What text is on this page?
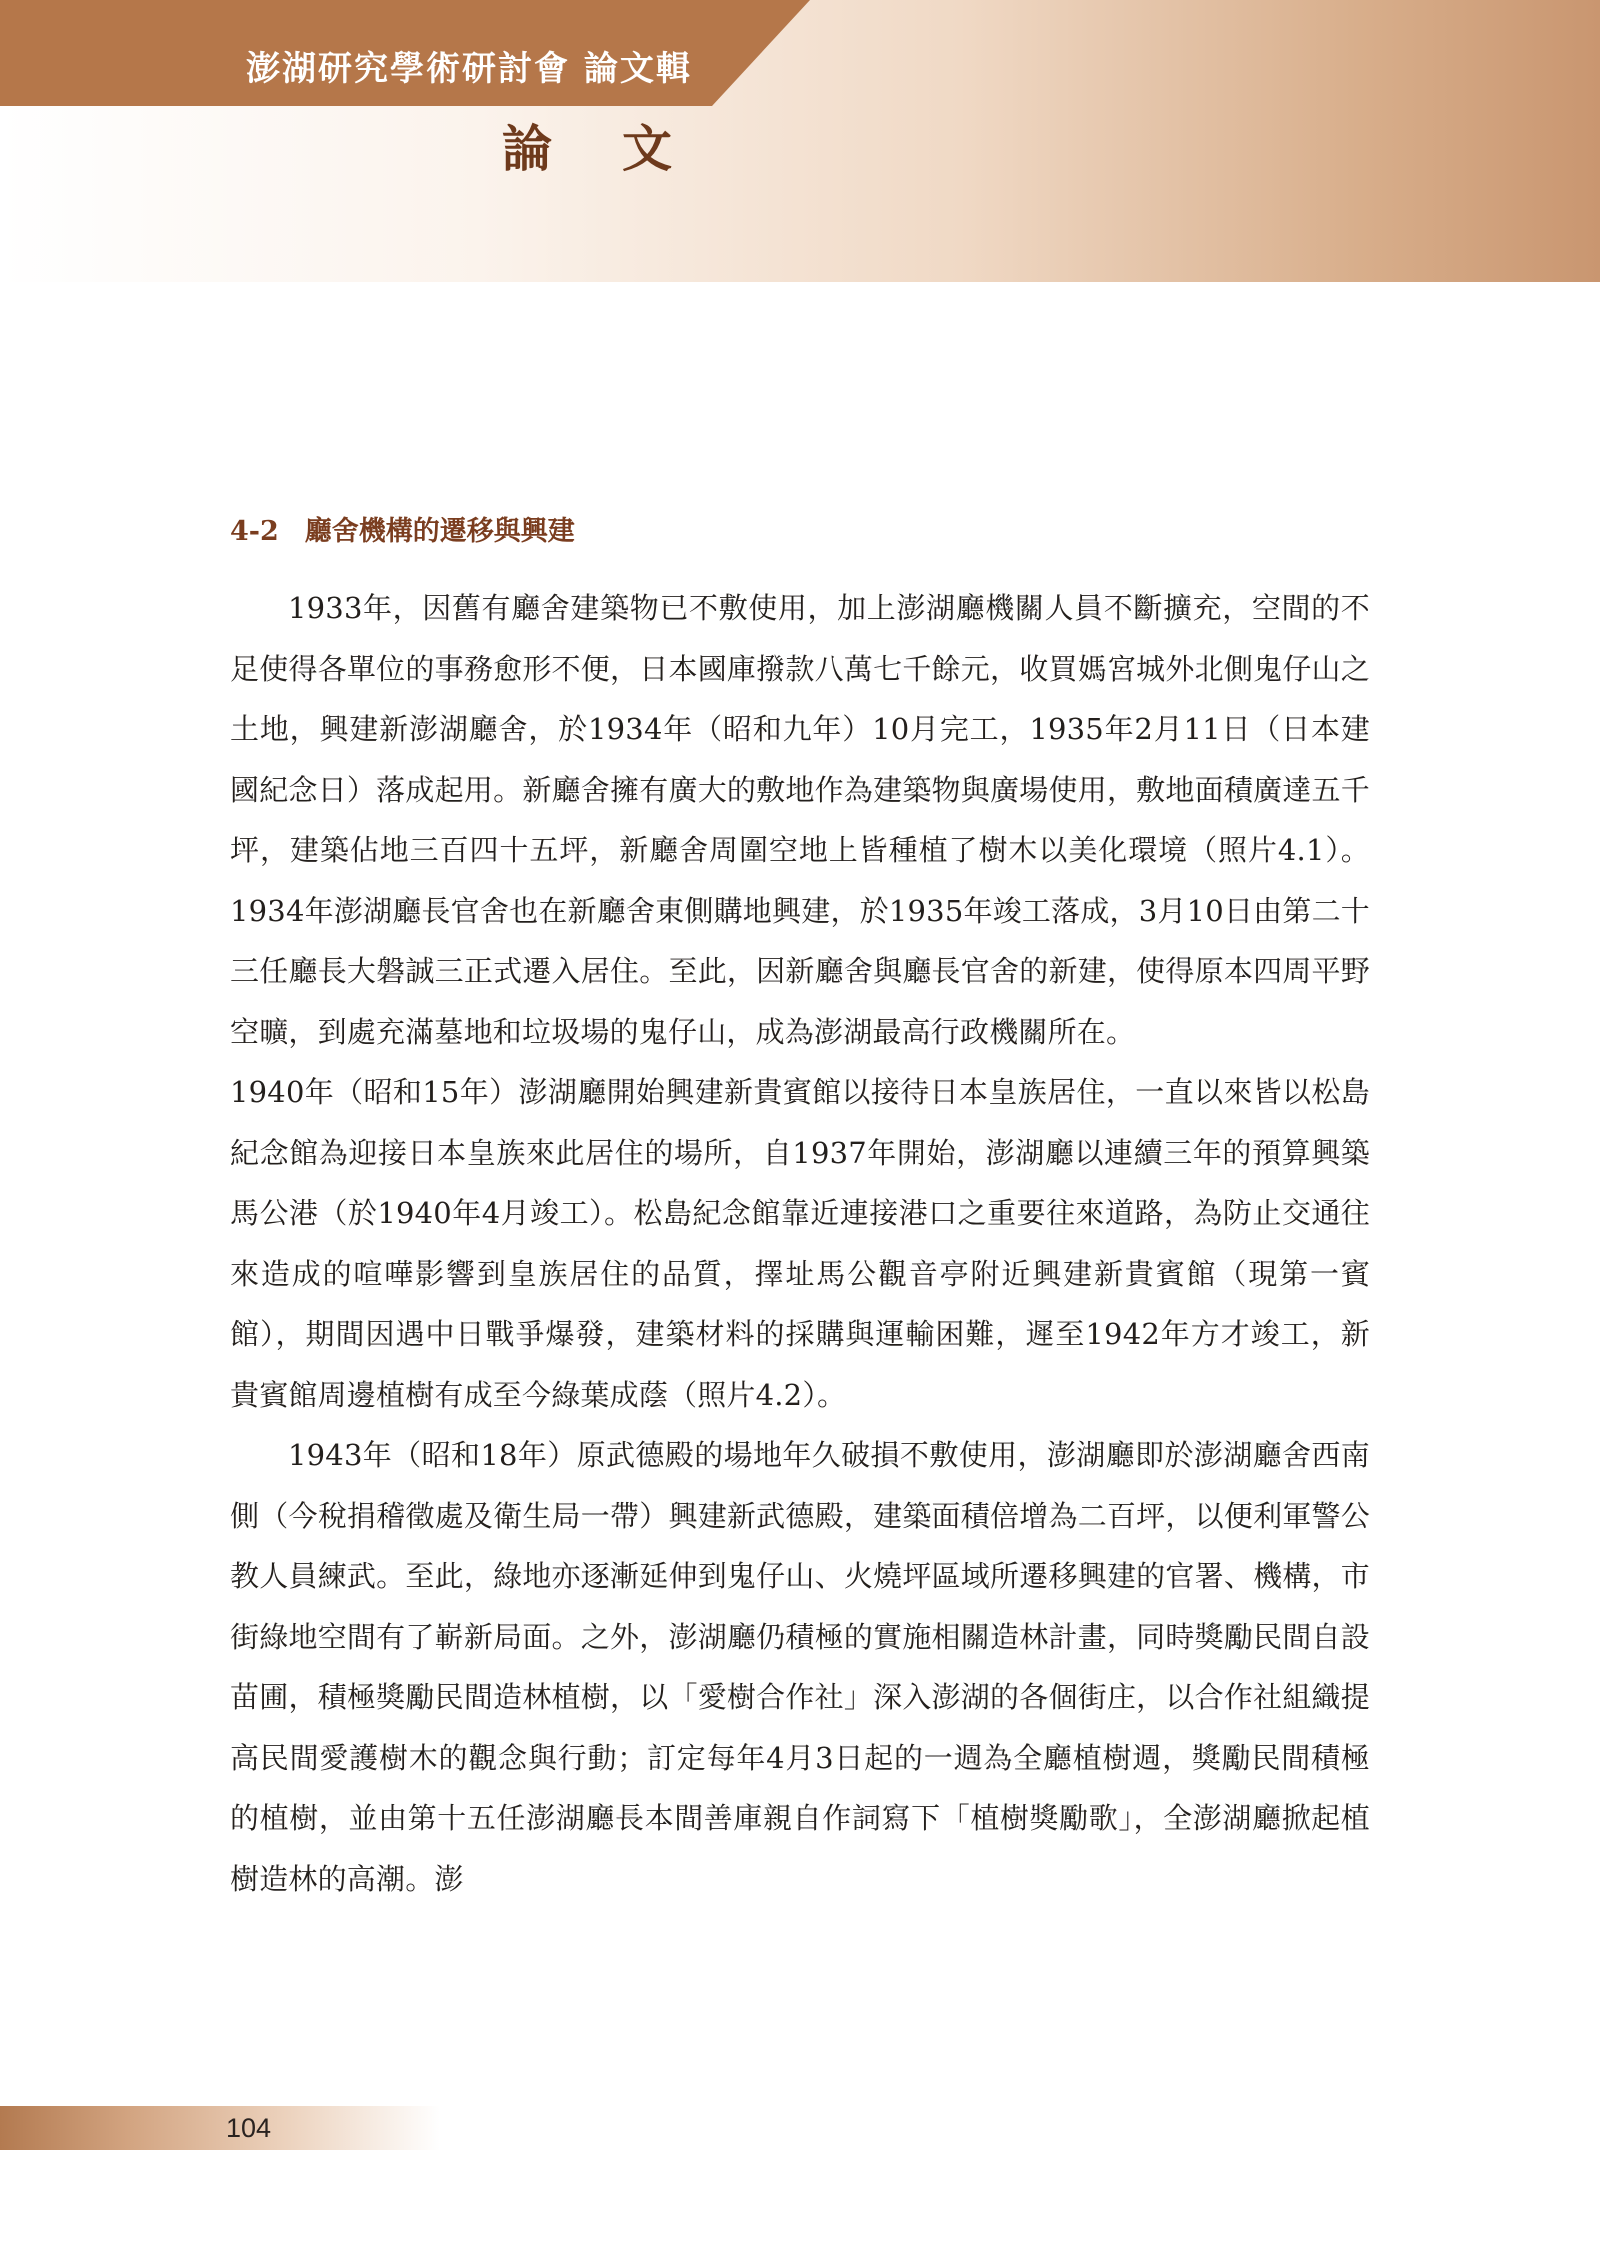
澎湖研究學術研討會 論文輯
論文
4-2 廳舍機構的遷移與興建

1933年，因舊有廳舍建築物已不敷使用，加上澎湖廳機關人員不斷擴充，空間的不足使得各單位的事務愈形不便，日本國庫撥款八萬七千餘元，收買媽宮城外北側鬼仔山之土地，興建新澎湖廳舍，於1934年（昭和九年）10月完工，1935年2月11日（日本建國紀念日）落成起用。新廳舍擁有廣大的敷地作為建築物與廣場使用，敷地面積廣達五千坪，建築佔地三百四十五坪，新廳舍周圍空地上皆種植了樹木以美化環境（照片4.1）。1934年澎湖廳長官舍也在新廳舍東側購地興建，於1935年竣工落成，3月10日由第二十三任廳長大磐誠三正式遷入居住。至此，因新廳舍與廳長官舍的新建，使得原本四周平野空曠，到處充滿墓地和垃圾場的鬼仔山，成為澎湖最高行政機關所在。

1940年（昭和15年）澎湖廳開始興建新貴賓館以接待日本皇族居住，一直以來皆以松島紀念館為迎接日本皇族來此居住的場所，自1937年開始，澎湖廳以連續三年的預算興築馬公港（於1940年4月竣工）。松島紀念館靠近連接港口之重要往來道路，為防止交通往來造成的喧嘩影響到皇族居住的品質，擇址馬公觀音亭附近興建新貴賓館（現第一賓館），期間因遇中日戰爭爆發，建築材料的採購與運輸困難，遲至1942年方才竣工，新貴賓館周邊植樹有成至今綠葉成蔭（照片4.2）。

1943年（昭和18年）原武德殿的場地年久破損不敷使用，澎湖廳即於澎湖廳舍西南側（今稅捐稽徵處及衛生局一帶）興建新武德殿，建築面積倍增為二百坪，以便利軍警公教人員練武。至此，綠地亦逐漸延伸到鬼仔山、火燒坪區域所遷移興建的官署、機構，市街綠地空間有了嶄新局面。之外，澎湖廳仍積極的實施相關造林計畫，同時獎勵民間自設苗圃，積極獎勵民間造林植樹，以「愛樹合作社」深入澎湖的各個街庄，以合作社組織提高民間愛護樹木的觀念與行動；訂定每年4月3日起的一週為全廳植樹週，獎勵民間積極的植樹，並由第十五任澎湖廳長本間善庫親自作詞寫下「植樹獎勵歌」，全澎湖廳掀起植樹造林的高潮。澎

104
